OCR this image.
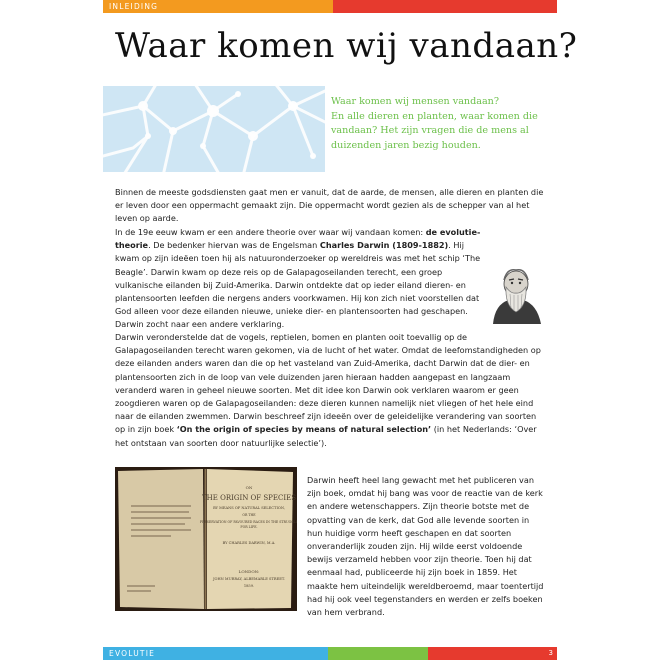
INLEIDING
Waar komen wij vandaan?
Waar komen wij mensen vandaan?
En alle dieren en planten, waar komen die
vandaan? Het zijn vragen die de mens al
duizenden jaren bezig houden.

Binnen de meeste godsdiensten gaat men er vanuit, dat de aarde, de mensen, alle dieren en planten die er leven door een oppermacht gemaakt zijn. Die oppermacht wordt gezien als de schepper van al het leven op aarde.

In de 19e eeuw kwam er een andere theorie over waar wij vandaan komen: de evolutie-theorie. De bedenker hiervan was de Engelsman Charles Darwin (1809-1882). Hij kwam op zijn ideëen toen hij als natuuronderzoeker op wereldreis was met het schip ‘The Beagle’. Darwin kwam op deze reis op de Galapagoseilanden terecht, een groep vulkanische eilanden bij Zuid-Amerika. Darwin ontdekte dat op ieder eiland dieren- en plantensoorten leefden die nergens anders voorkwamen. Hij kon zich niet voorstellen dat God alleen voor deze eilanden nieuwe, unieke dier- en plantensoorten had geschapen. Darwin zocht naar een andere verklaring.

Darwin veronderstelde dat de vogels, reptielen, bomen en planten ooit toevallig op de Galapagoseilanden terecht waren gekomen, via de lucht of het water. Omdat de leefomstandigheden op deze eilanden anders waren dan die op het vasteland van Zuid-Amerika, dacht Darwin dat de dier- en plantensoorten zich in de loop van vele duizenden jaren hieraan hadden aangepast en langzaam veranderd waren in geheel nieuwe soorten. Met dit idee kon Darwin ook verklaren waarom er geen zoogdieren waren op de Galapagoseilanden: deze dieren kunnen namelijk niet vliegen of het hele eind naar de eilanden zwemmen. Darwin beschreef zijn ideeën over de geleidelijke verandering van soorten op in zijn boek ‘On the origin of species by means of natural selection’ (in het Nederlands: ‘Over het ontstaan van soorten door natuurlijke selectie’).

ON
THE ORIGIN OF SPECIES
BY MEANS OF NATURAL SELECTION,
OR THE
PRESERVATION OF FAVOURED RACES IN THE STRUGGLE
FOR LIFE.
BY CHARLES DARWIN, M.A.
LONDON:
JOHN MURRAY, ALBEMARLE STREET.
1859.

Darwin heeft heel lang gewacht met het publiceren van zijn boek, omdat hij bang was voor de reactie van de kerk en andere wetenschappers. Zijn theorie botste met de opvatting van de kerk, dat God alle levende soorten in hun huidige vorm heeft geschapen en dat soorten onveranderlijk zouden zijn. Hij wilde eerst voldoende bewijs verzameld hebben voor zijn theorie. Toen hij dat eenmaal had, publiceerde hij zijn boek in 1859. Het maakte hem uiteindelijk wereldberoemd, maar toentertijd had hij ook veel tegenstanders en werden er zelfs boeken van hem verbrand.

EVOLUTIE	3
